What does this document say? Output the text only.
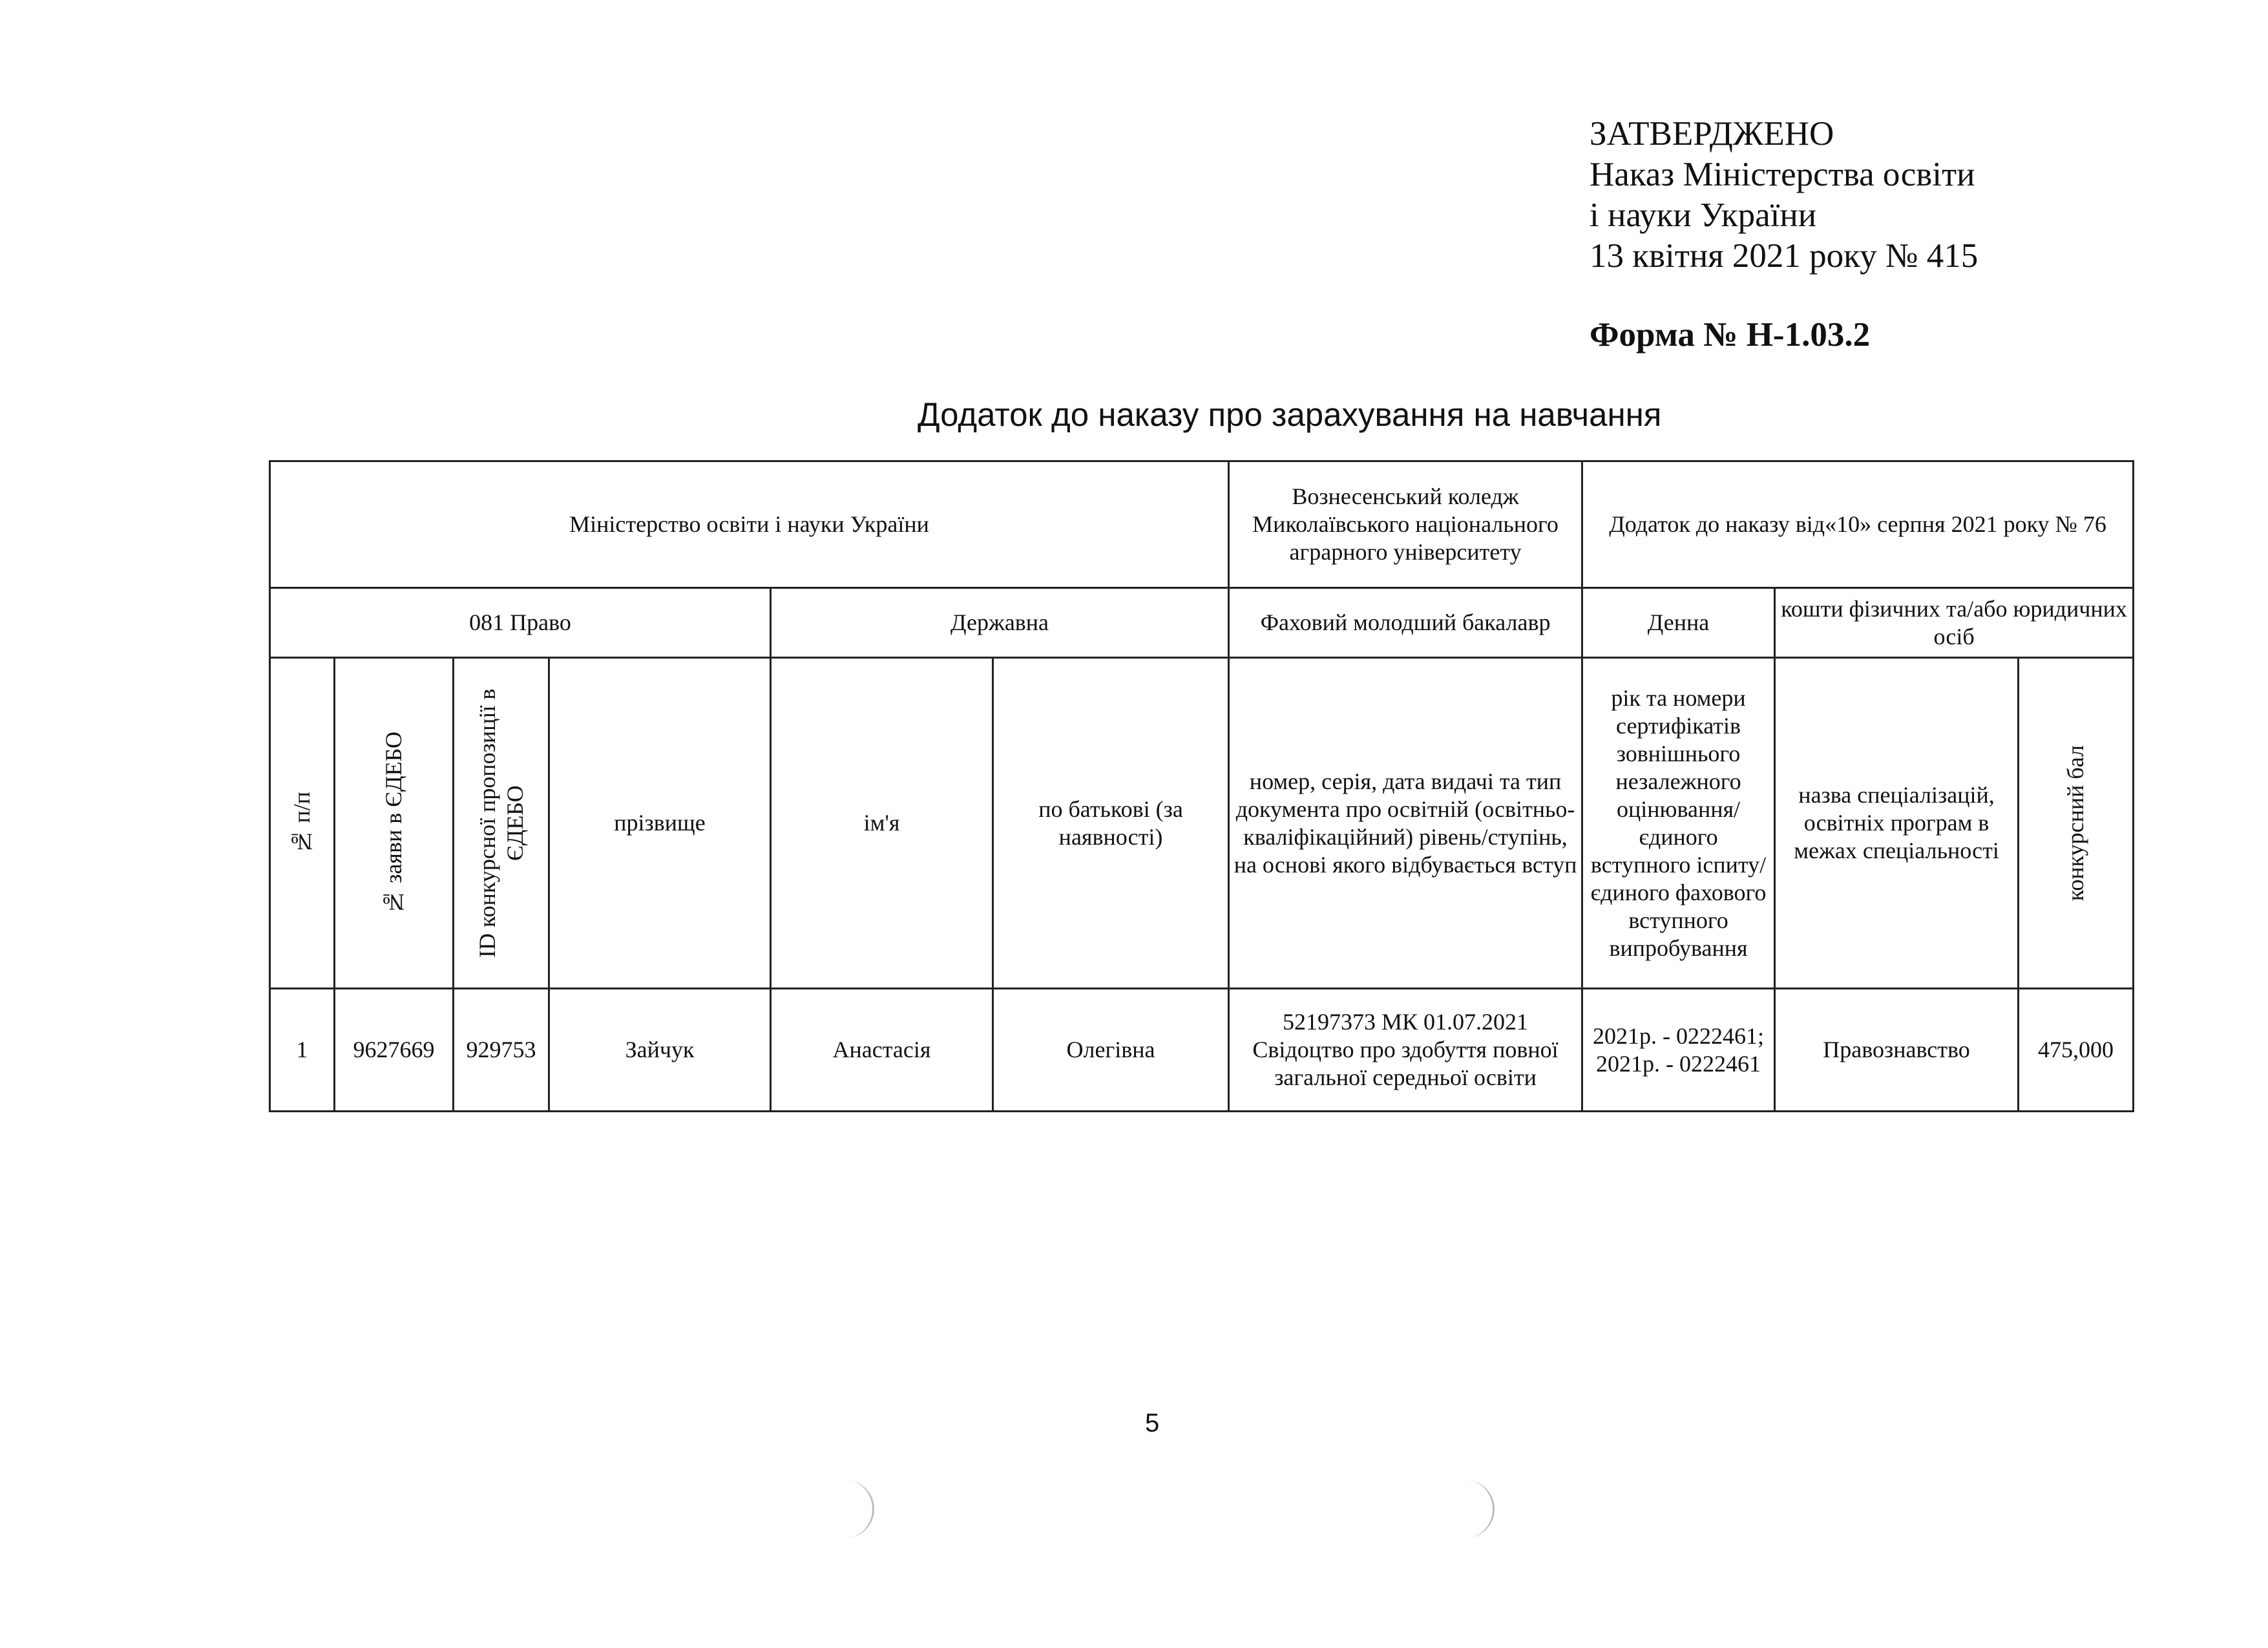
ЗАТВЕРДЖЕНО
Наказ Міністерства освіти
і науки України
13 квітня 2021 року № 415
Форма № Н-1.03.2
Додаток до наказу про зарахування на навчання
Міністерство освіти і науки України						Вознесенський коледж Миколаївського національного аграрного університету	Додаток до наказу від«10» серпня 2021 року № 76		
081 Право				Державна		Фаховий молодший бакалавр	Денна	кошти фізичних та/або юридичних осіб	

№ п/п	№ заяви в ЄДЕБО	ID конкурсної пропозиції в ЄДЕБО	прізвище	ім'я	по батькові (за наявності)	номер, серія, дата видачі та тип документа про освітній (освітньо-кваліфікаційний) рівень/ступінь, на основі якого відбувається вступ	рік та номери сертифікатів зовнішнього незалежного оцінювання/ єдиного вступного іспиту/ єдиного фахового вступного випробування	назва спеціалізацій, освітніх програм в межах спеціальності	конкурсний бал

1	9627669	929753	Зайчук	Анастасія	Олегівна	52197373 МК 01.07.2021 Свідоцтво про здобуття повної загальної середньої освіти	2021р. - 0222461; 2021р. - 0222461	Правознавство	475,000
5
